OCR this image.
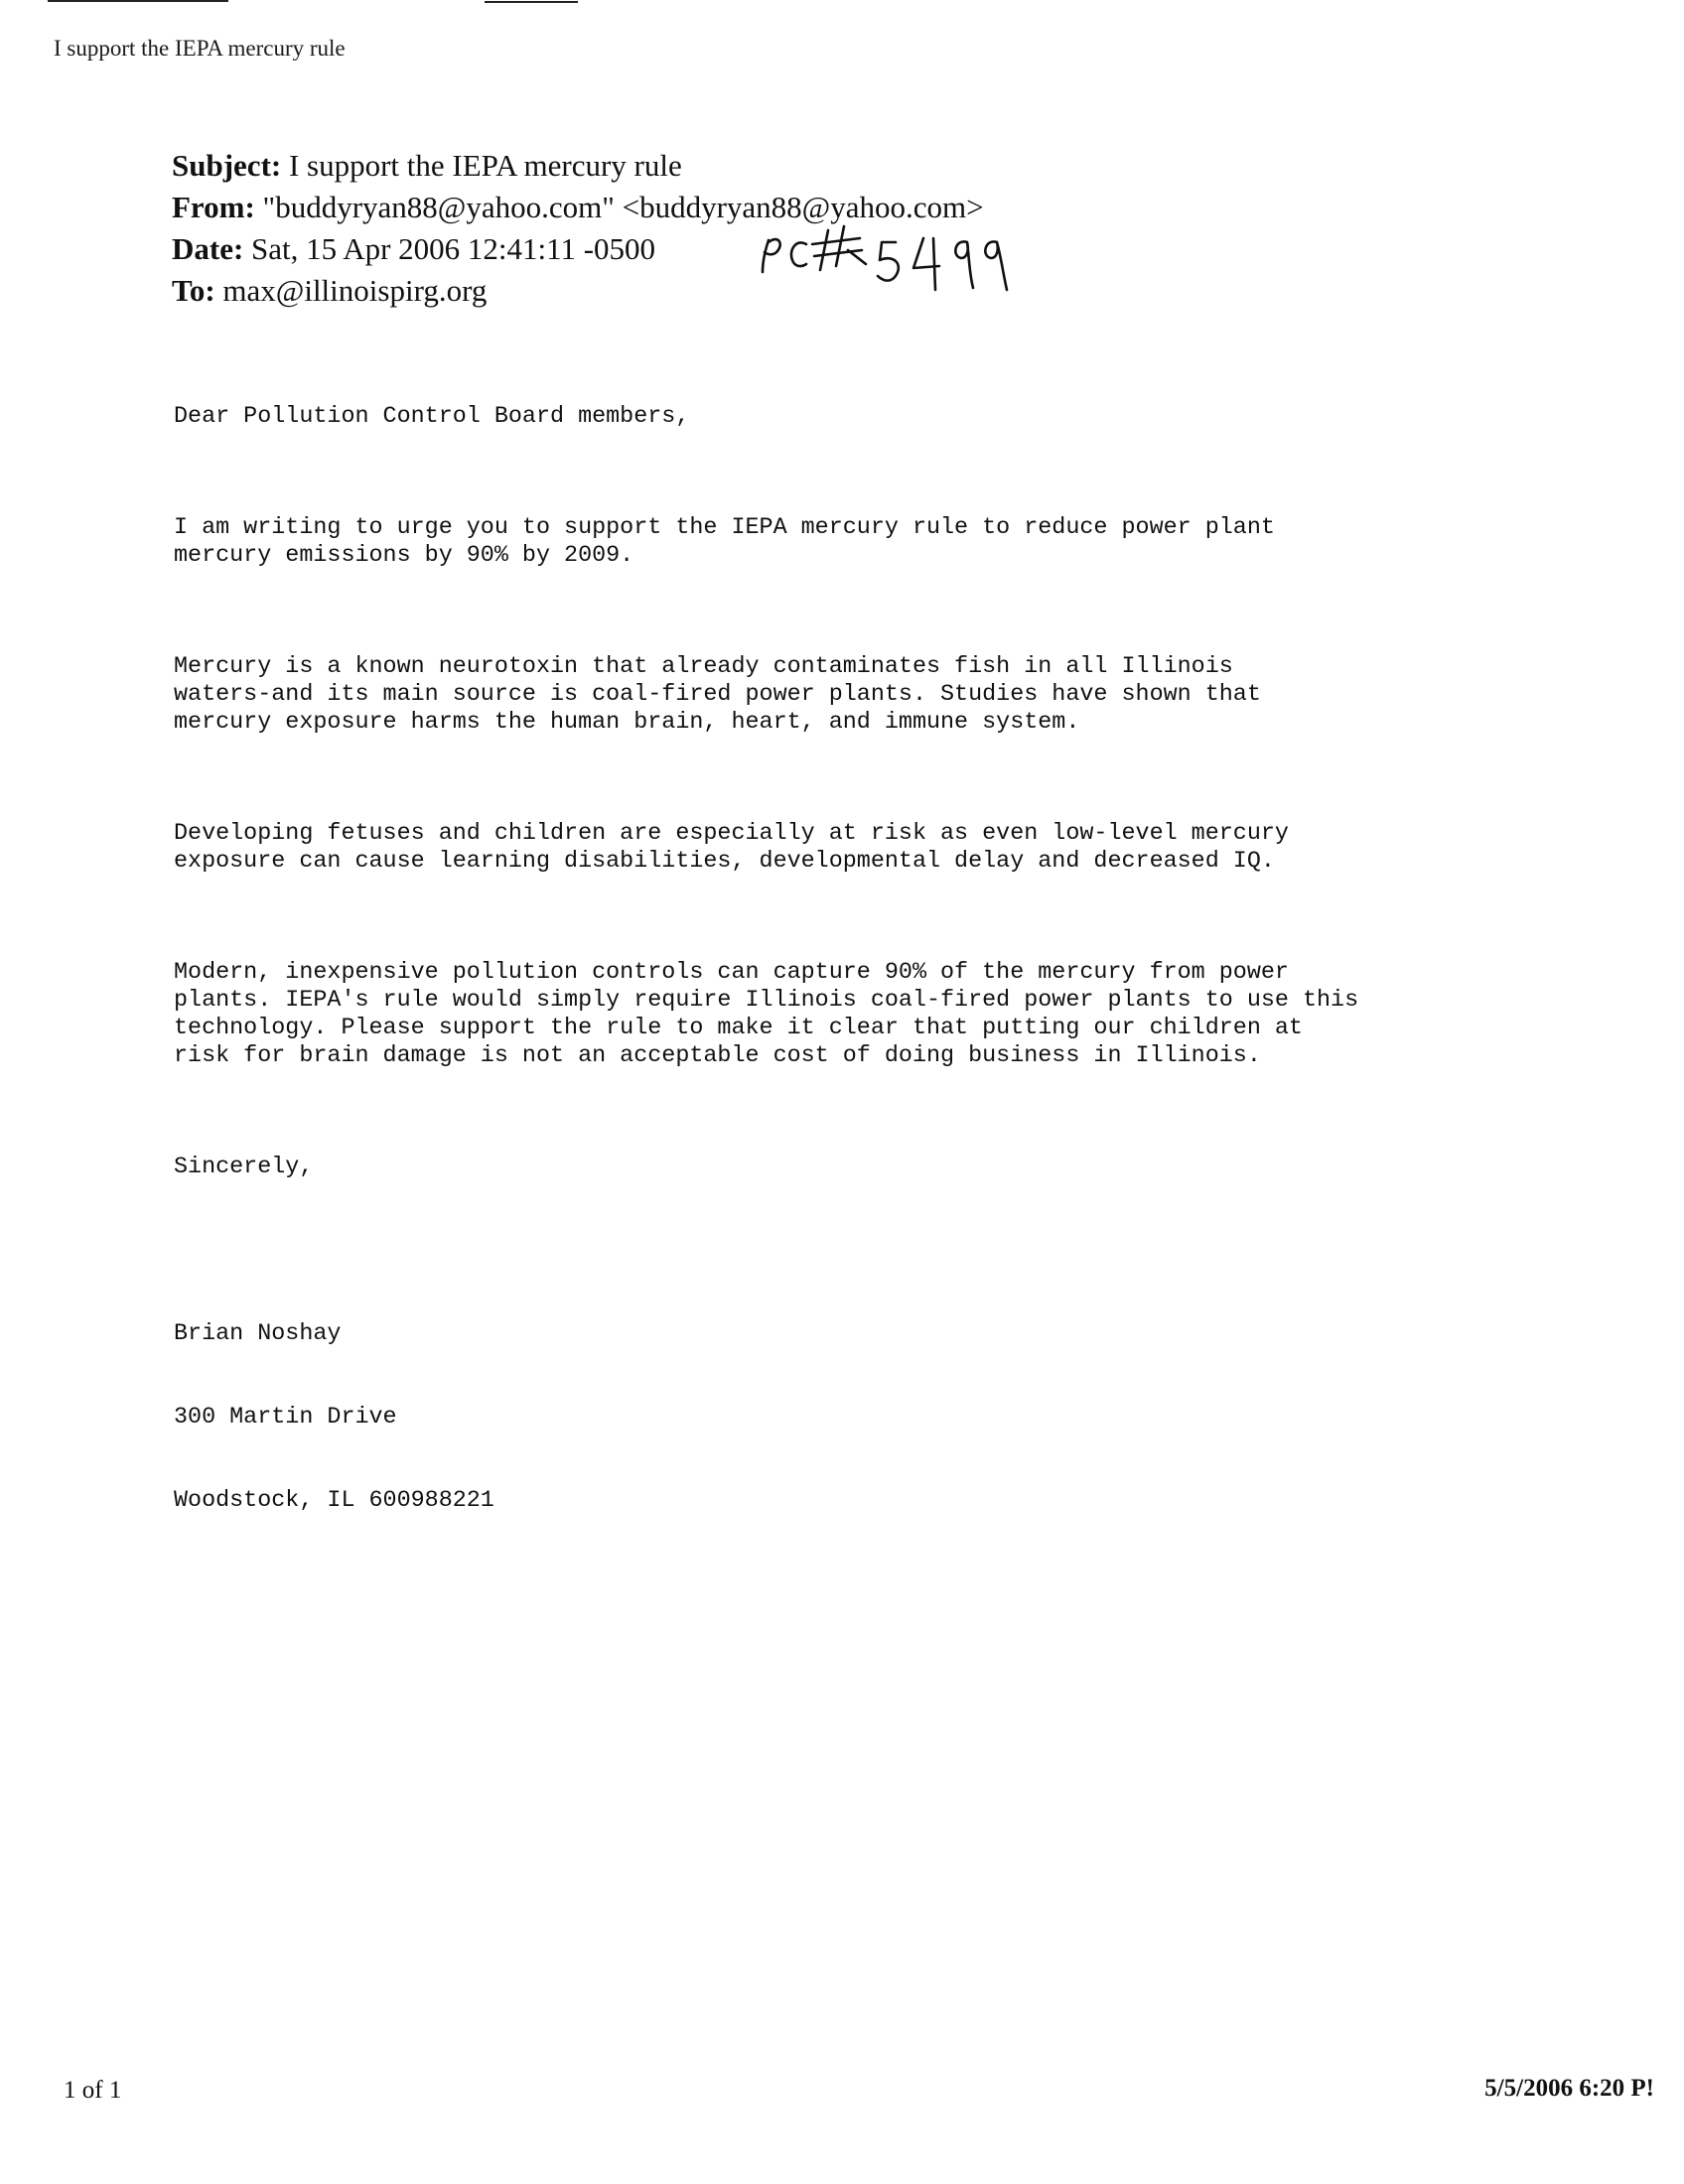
I support the IEPA mercury rule
Subject: I support the IEPA mercury rule
From: "buddyryan88@yahoo.com" <buddyryan88@yahoo.com>
Date: Sat, 15 Apr 2006 12:41:11 -0500
To: max@illinoispirg.org

Dear Pollution Control Board members,

I am writing to urge you to support the IEPA mercury rule to reduce power plant
mercury emissions by 90% by 2009.

Mercury is a known neurotoxin that already contaminates fish in all Illinois
waters-and its main source is coal-fired power plants. Studies have shown that
mercury exposure harms the human brain, heart, and immune system.

Developing fetuses and children are especially at risk as even low-level mercury
exposure can cause learning disabilities, developmental delay and decreased IQ.

Modern, inexpensive pollution controls can capture 90% of the mercury from power
plants. IEPA's rule would simply require Illinois coal-fired power plants to use this
technology. Please support the rule to make it clear that putting our children at
risk for brain damage is not an acceptable cost of doing business in Illinois.

Sincerely,

Brian Noshay

300 Martin Drive

Woodstock, IL 600988221

1 of 1	5/5/2006 6:20 P!
